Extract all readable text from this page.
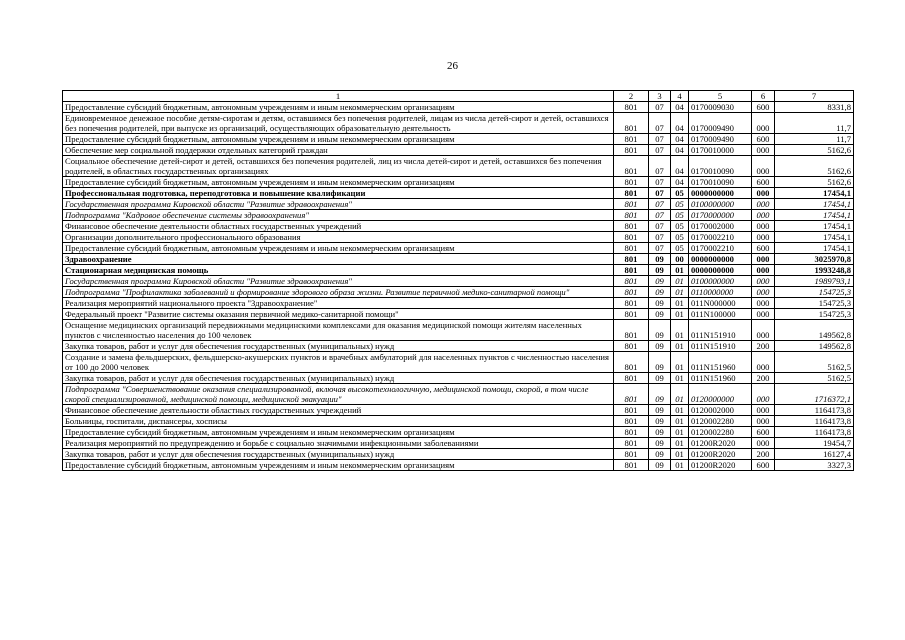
26
1	2	3	4	5	6	7
Предоставление субсидий бюджетным, автономным учреждениям и иным некоммерческим организациям	801	07	04	0170009030	600	8331,8
Единовременное денежное пособие детям-сиротам и детям, оставшимся без попечения родителей, лицам из числа детей-сирот и детей, оставшихся без попечения родителей, при выпуске из организаций, осуществляющих образовательную деятельность	801	07	04	0170009490	000	11,7
Предоставление субсидий бюджетным, автономным учреждениям и иным некоммерческим организациям	801	07	04	0170009490	600	11,7
Обеспечение мер социальной поддержки отдельных категорий граждан	801	07	04	0170010000	000	5162,6
Социальное обеспечение детей-сирот и детей, оставшихся без попечения родителей, лиц из числа детей-сирот и детей, оставшихся без попечения родителей, в областных государственных организациях	801	07	04	0170010090	000	5162,6
Предоставление субсидий бюджетным, автономным учреждениям и иным некоммерческим организациям	801	07	04	0170010090	600	5162,6
Профессиональная подготовка, переподготовка и повышение квалификации	801	07	05	0000000000	000	17454,1
Государственная программа Кировской области "Развитие здравоохранения"	801	07	05	0100000000	000	17454,1
Подпрограмма "Кадровое обеспечение системы здравоохранения"	801	07	05	0170000000	000	17454,1
Финансовое обеспечение деятельности областных государственных учреждений	801	07	05	0170002000	000	17454,1
Организации дополнительного профессионального образования	801	07	05	0170002210	000	17454,1
Предоставление субсидий бюджетным, автономным учреждениям и иным некоммерческим организациям	801	07	05	0170002210	600	17454,1
Здравоохранение	801	09	00	0000000000	000	3025970,8
Стационарная медицинская помощь	801	09	01	0000000000	000	1993248,8
Государственная программа Кировской области "Развитие здравоохранения"	801	09	01	0100000000	000	1989793,1
Подпрограмма "Профилактика заболеваний и формирование здорового образа жизни. Развитие первичной медико-санитарной помощи"	801	09	01	0110000000	000	154725,3
Реализация мероприятий национального проекта "Здравоохранение"	801	09	01	011N000000	000	154725,3
Федеральный проект "Развитие системы оказания первичной медико-санитарной помощи"	801	09	01	011N100000	000	154725,3
Оснащение медицинских организаций передвижными медицинскими комплексами для оказания медицинской помощи жителям населенных пунктов с численностью населения до 100 человек	801	09	01	011N151910	000	149562,8
Закупка товаров, работ и услуг для обеспечения государственных (муниципальных) нужд	801	09	01	011N151910	200	149562,8
Создание и замена фельдшерских, фельдшерско-акушерских пунктов и врачебных амбулаторий для населенных пунктов с численностью населения от 100 до 2000 человек	801	09	01	011N151960	000	5162,5
Закупка товаров, работ и услуг для обеспечения государственных (муниципальных) нужд	801	09	01	011N151960	200	5162,5
Подпрограмма "Совершенствование оказания специализированной, включая высокотехнологичную, медицинской помощи, скорой, в том числе скорой специализированной, медицинской помощи, медицинской эвакуации"	801	09	01	0120000000	000	1716372,1
Финансовое обеспечение деятельности областных государственных учреждений	801	09	01	0120002000	000	1164173,8
Больницы, госпитали, диспансеры, хосписы	801	09	01	0120002280	000	1164173,8
Предоставление субсидий бюджетным, автономным учреждениям и иным некоммерческим организациям	801	09	01	0120002280	600	1164173,8
Реализация мероприятий по предупреждению и борьбе с социально значимыми инфекционными заболеваниями	801	09	01	01200R2020	000	19454,7
Закупка товаров, работ и услуг для обеспечения государственных (муниципальных) нужд	801	09	01	01200R2020	200	16127,4
Предоставление субсидий бюджетным, автономным учреждениям и иным некоммерческим организациям	801	09	01	01200R2020	600	3327,3
